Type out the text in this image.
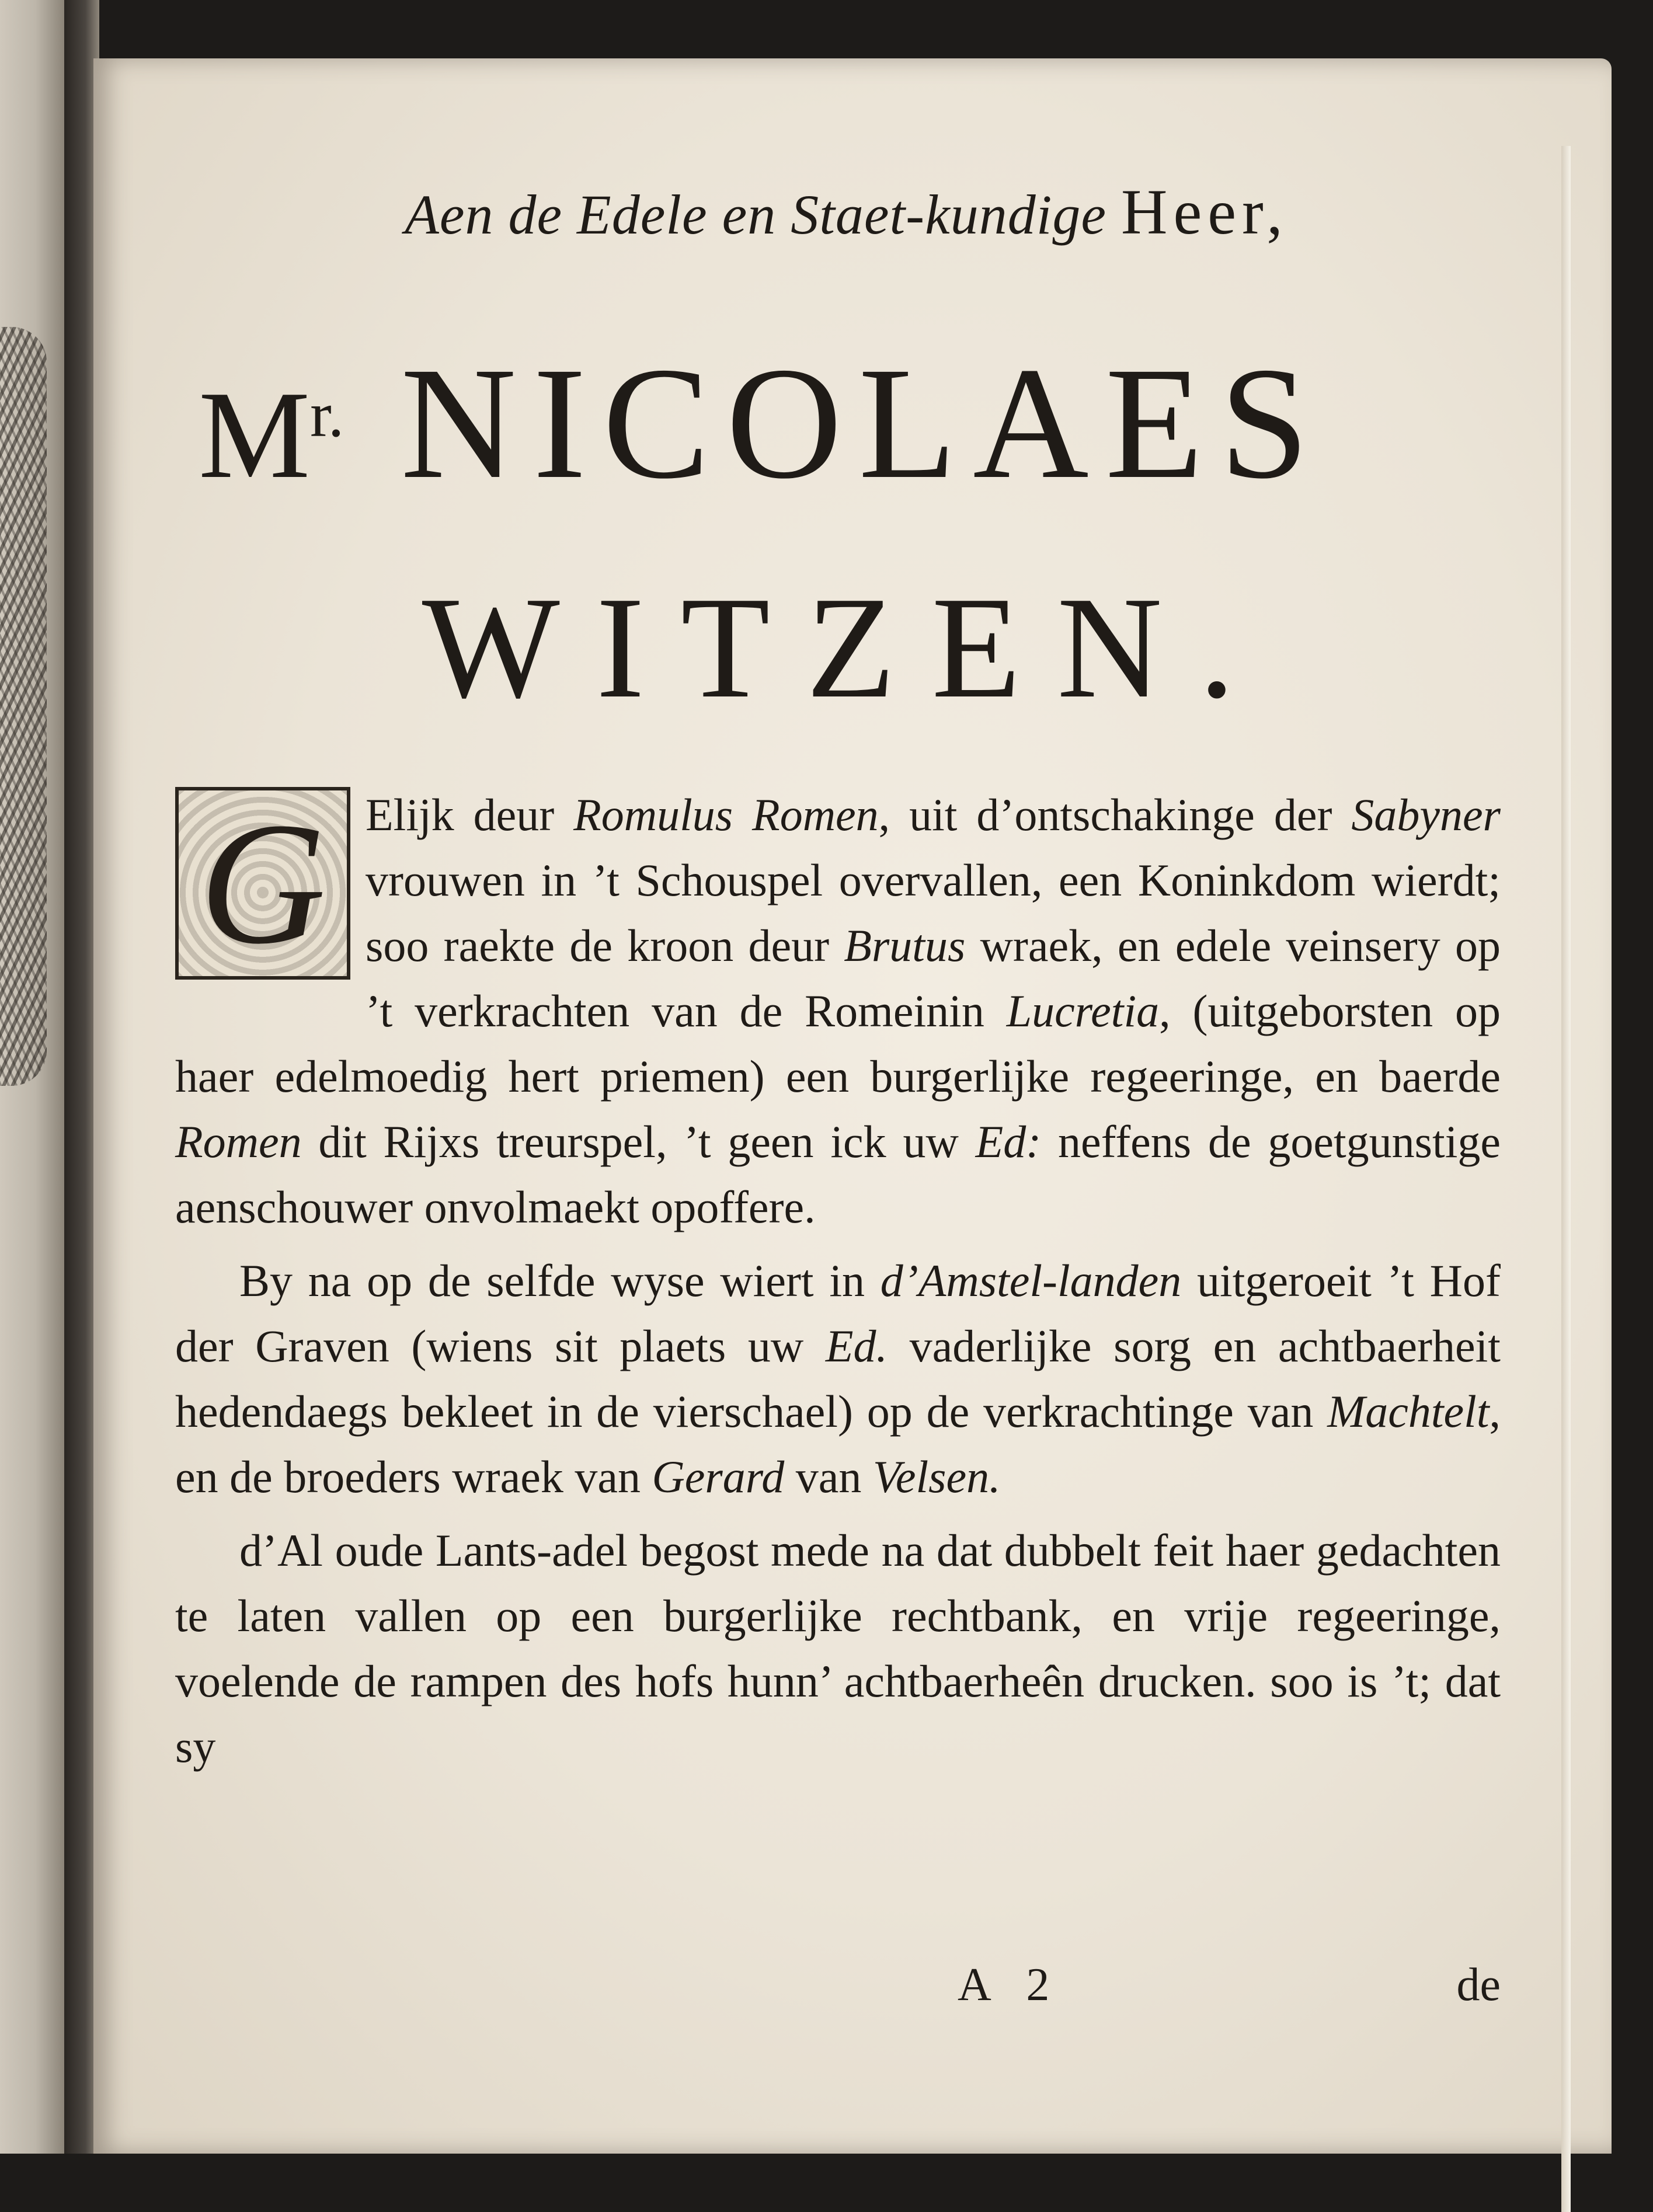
Aen de Edele en Staet-kundige Heer,
$M^{r.}$ NICOLAES
WITZEN.

G Elijk deur Romulus Romen, uit d’ontschakinge der Sabyner vrouwen in ’t Schouspel overvallen, een Koninkdom wierdt; soo raekte de kroon deur Brutus wraek, en edele veinsery op ’t verkrachten van de Romeinin Lucretia, (uitgeborsten op haer edelmoedig hert priemen) een burgerlijke regeeringe, en baerde Romen dit Rijxs treurspel, ’t geen ick uw Ed: neffens de goetgunstige aenschouwer onvolmaekt opoffere.

By na op de selfde wyse wiert in d’Amstel-landen uitgeroeit ’t Hof der Graven (wiens sit plaets uw Ed. vaderlijke sorg en achtbaerheit hedendaegs bekleet in de vierschael) op de verkrachtinge van Machtelt, en de broeders wraek van Gerard van Velsen.

d’Al oude Lants-adel begost mede na dat dubbelt feit haer gedachten te laten vallen op een burgerlijke rechtbank, en vrije regeeringe, voelende de rampen des hofs hunn’ achtbaerheên drucken. soo is ’t; dat sy

A 2	de
